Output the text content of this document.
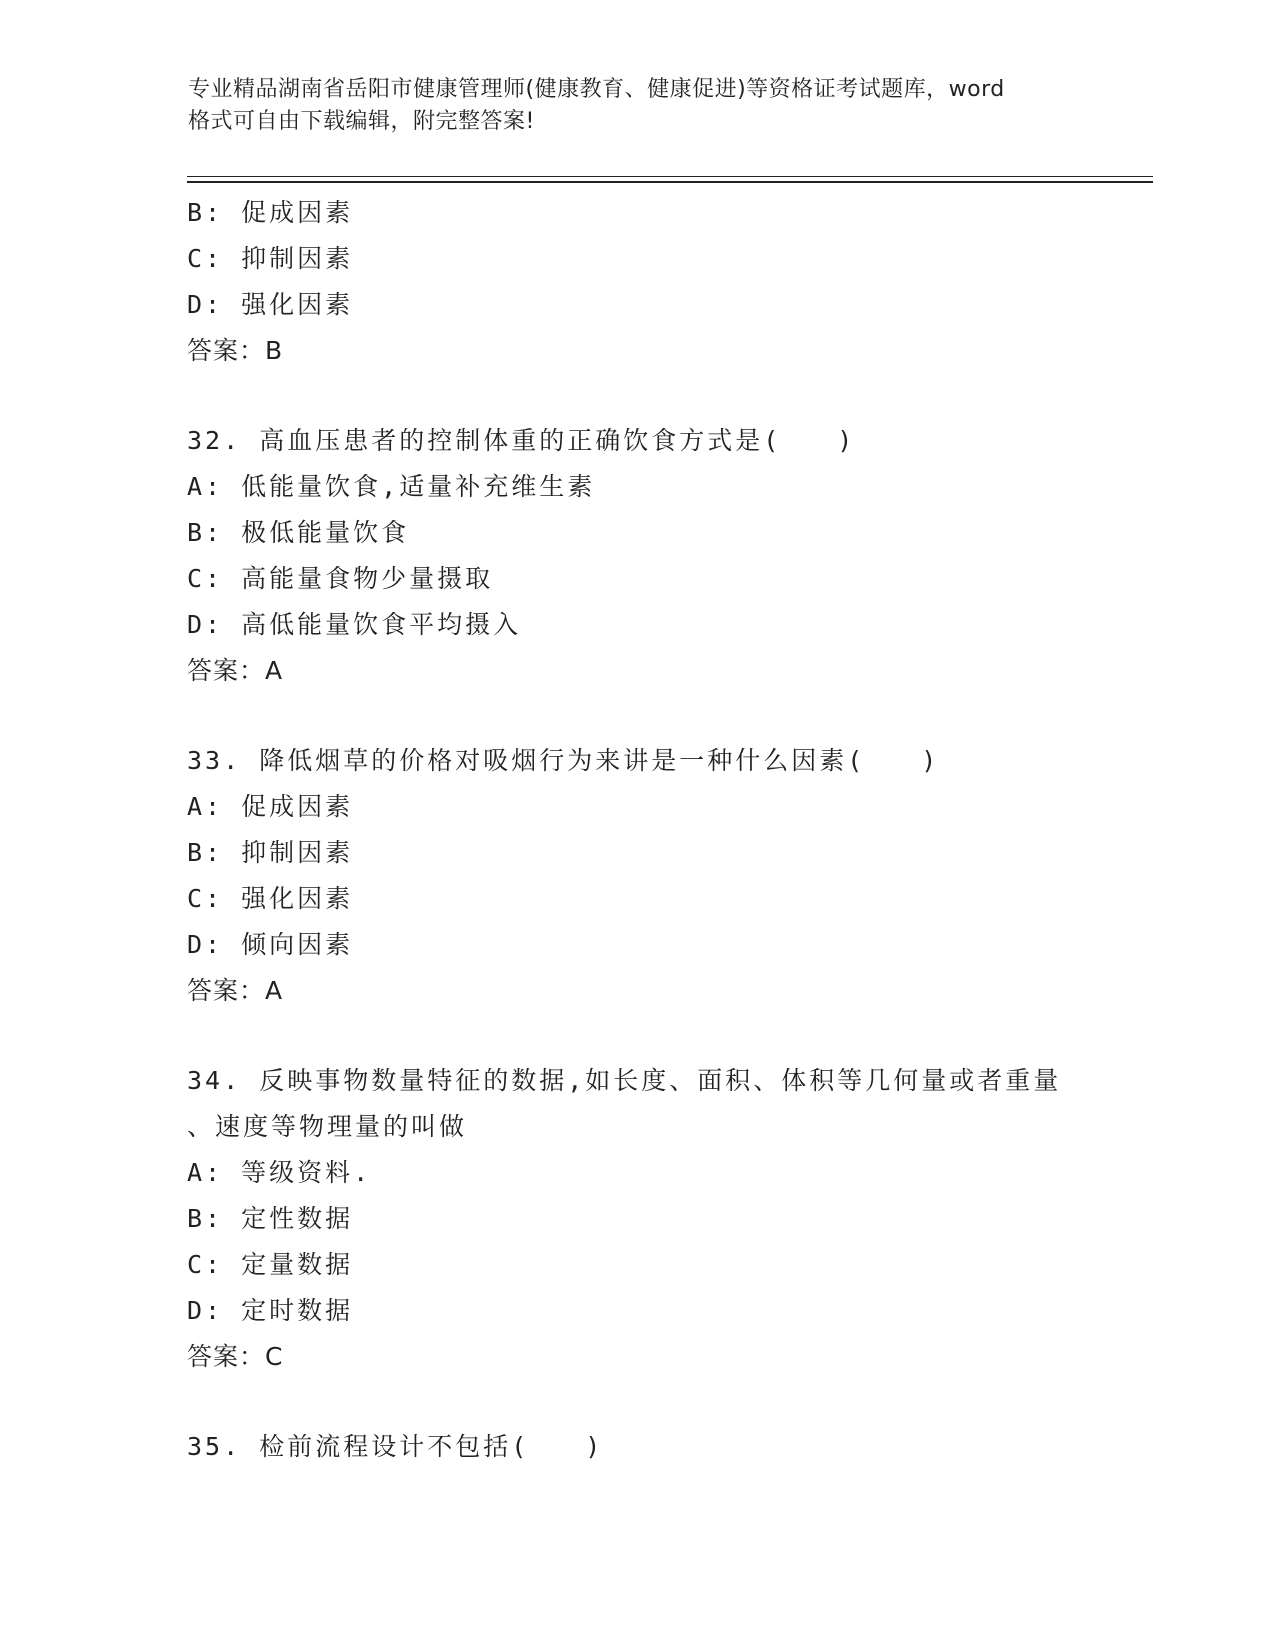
专业精品湖南省岳阳市健康管理师(健康教育、健康促进)等资格证考试题库，word
格式可自由下载编辑，附完整答案!
B: 促成因素
C: 抑制因素
D: 强化因素
答案：B
32. 高血压患者的控制体重的正确饮食方式是(　　)
A: 低能量饮食,适量补充维生素
B: 极低能量饮食
C: 高能量食物少量摄取
D: 高低能量饮食平均摄入
答案：A
33. 降低烟草的价格对吸烟行为来讲是一种什么因素(　　)
A: 促成因素
B: 抑制因素
C: 强化因素
D: 倾向因素
答案：A
34. 反映事物数量特征的数据,如长度、面积、体积等几何量或者重量
、速度等物理量的叫做
A: 等级资料.
B: 定性数据
C: 定量数据
D: 定时数据
答案：C
35. 检前流程设计不包括(　　)
